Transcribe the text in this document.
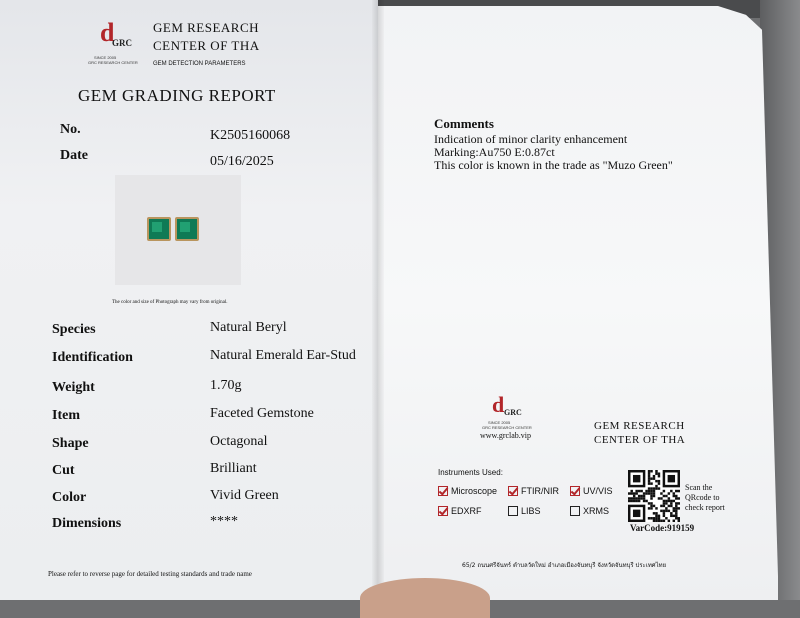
d
GRC
SINCE 2005
GRC RESEARCH CENTER
GEM RESEARCH
CENTER OF THA
GEM DETECTION PARAMETERS
GEM GRADING REPORT
No.	K2505160068
Date	05/16/2025
The color and size of Photograph may vary from original.
Species	Natural Beryl
Identification	Natural Emerald Ear-Stud
Weight	1.70g
Item	Faceted Gemstone
Shape	Octagonal
Cut	Brilliant
Color	Vivid Green
Dimensions	****
Please refer to reverse page for detailed testing standards and trade name
Comments
Indication of minor clarity enhancement
Marking:Au750 E:0.87ct
This color is known in the trade as "Muzo Green"
d GRC
SINCE 2005
GRC RESEARCH CENTER
www.grclab.vip
GEM RESEARCH
CENTER OF THA
Instruments Used:
Microscope	FTIR/NIR	UV/VIS
EDXRF	LIBS	XRMS
Scan the
QRcode to
check report
VarCode:919159
65/2 ถนนศรีจันทร์ ตำบลวัดใหม่ อำเภอเมืองจันทบุรี จังหวัดจันทบุรี ประเทศไทย
